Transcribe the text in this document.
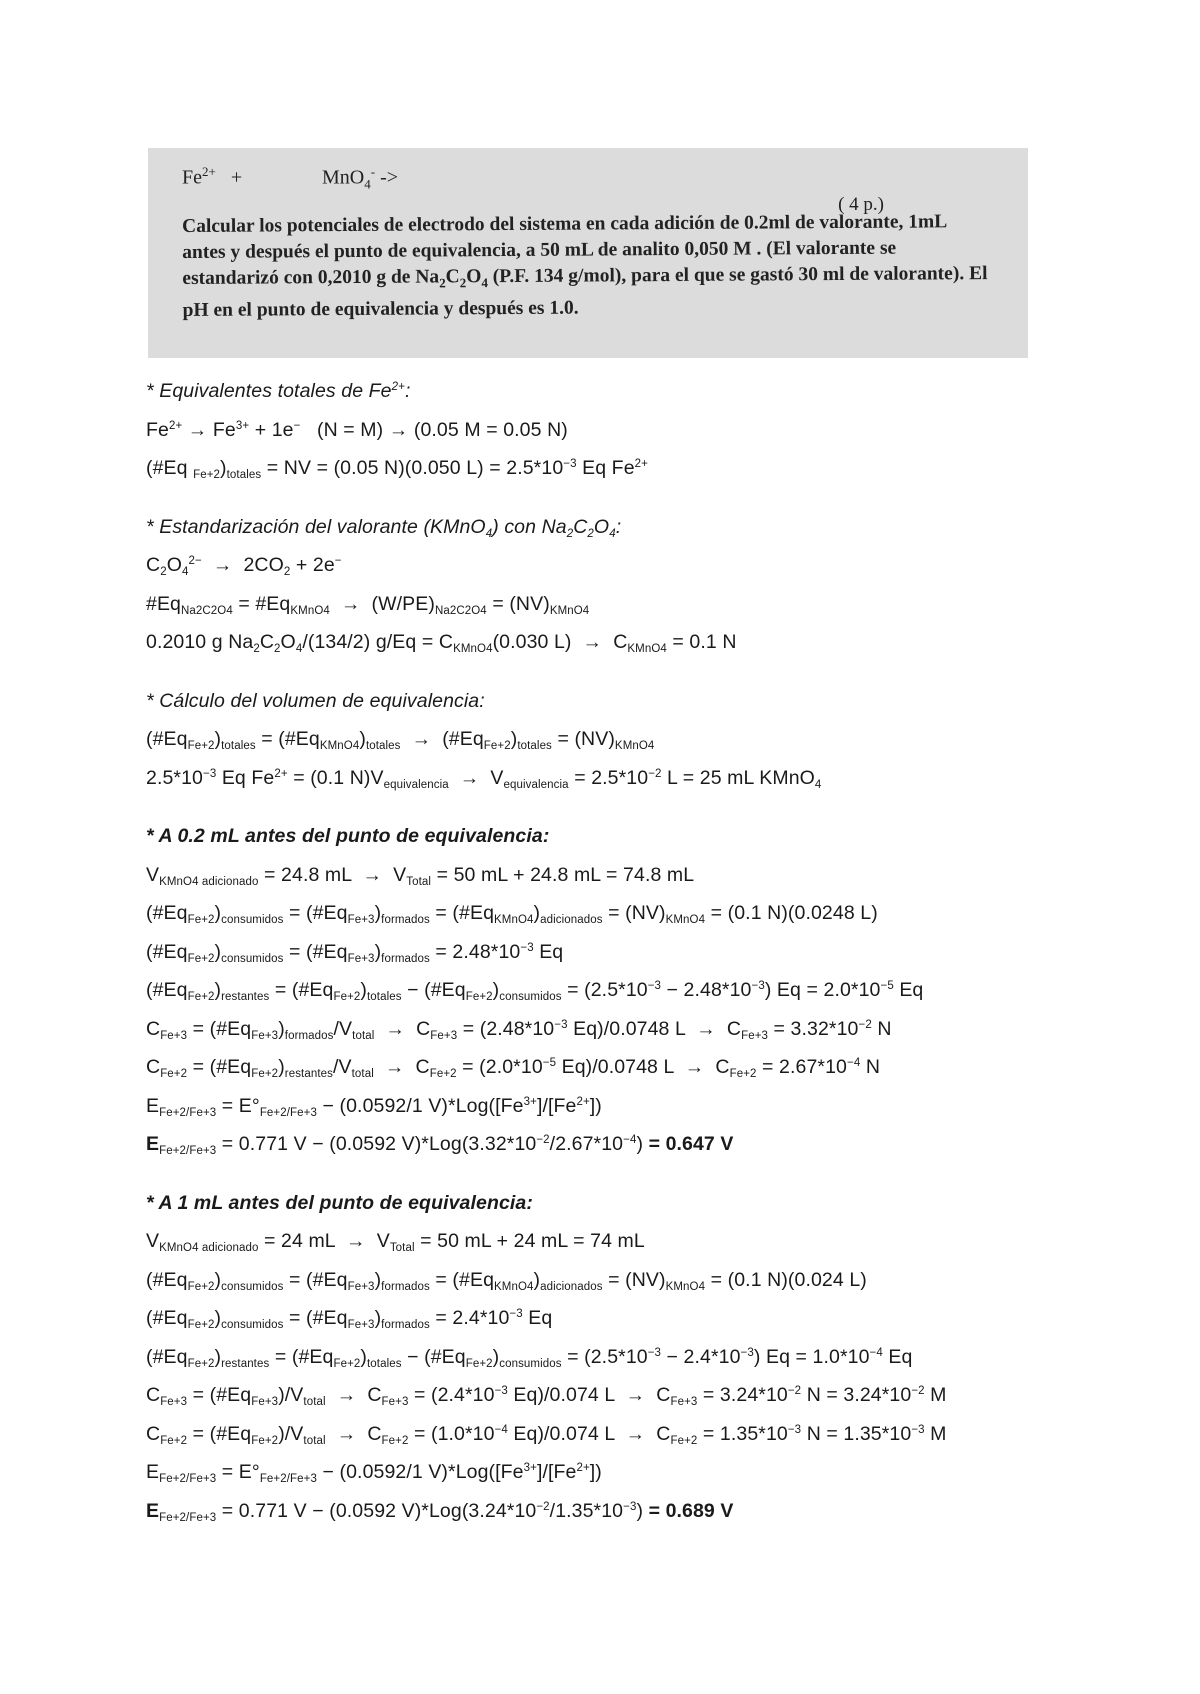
$Fe^{2+}$   +	MnO$_4$- ->
( 4 p.)
Calcular los potenciales de electrodo del sistema en cada adición de 0.2ml de valorante, 1mL antes y después el punto de equivalencia, a 50 mL de analito 0,050 M . (El valorante se estandarizó con 0,2010 g de $Na_2C_2O_4$ (P.F. 134 g/mol), para el que se gastó 30 ml de valorante). El pH en el punto de equivalencia y después es 1.0.
* Equivalentes totales de $Fe^{2+}$:
$Fe^{2+} \to Fe^{3+} + 1e^-$   (N = M) → (0.05 M = 0.05 N)
(#Eq $_{Fe+2})_{totales}$ = NV = (0.05 N)(0.050 $L) = 2.5*10^{-3}$ Eq $Fe^{2+}$
* Estandarización del valorante (KMnO$_4$) con $Na_2C_2O_4$:
$C_2O_4^{2-} \to 2CO_2 + 2e^-$
$\#Eq_{Na2C2O4}$ = $\#Eq_{KMnO4} \to (W/PE)_{Na2C2O4} = (NV)_{KMnO4}$
0.2010 g $Na_2C_2O_4/(134/2) g/Eq = C_{KMnO4}(0.030$ $L) \to C_{KMnO4} = 0.1$ N
* Cálculo del volumen de equivalencia:
$(\#Eq_{Fe+2})_{totales}$ = $(\#Eq_{KMnO4})_{totales}$  →  $(\#Eq_{Fe+2})_{totales} = (NV)_{KMnO4}$
$2.5*10^{-3}$ Eq $Fe^{2+} = (0.1$ $N)V_{equivalencia} \to V_{equivalencia} = 2.5*10^{-2}$ L = 25 mL KMnO$_4$
* A 0.2 mL antes del punto de equivalencia:
$V_{KMnO4 adicionado} = 24.8$ mL  →  $V_{Total} = 50$ mL + 24.8 mL = 74.8 mL
$(\#Eq_{Fe+2})_{consumidos}$ = $(\#Eq_{Fe+3})_{formados}$ = $(\#Eq_{KMnO4})_{adicionados} = (NV)_{KMnO4} = (0.1$ N)(0.0248 L)
$(\#Eq_{Fe+2})_{consumidos}$ = $(\#Eq_{Fe+3})_{formados} = 2.48*10^{-3}$ Eq
$(\#Eq_{Fe+2})_{restantes}$ = $(\#Eq_{Fe+2})_{totales}$ − $(\#Eq_{Fe+2})_{consumidos} = (2.5*10^{-3} - 2.48*10^{-3}) Eq = 2.0*10^{-5}$ Eq
$C_{Fe+3}$ = $(\#Eq_{Fe+3})_{formados}/V_{total} \to C_{Fe+3} = (2.48*10^{-3}$ Eq)/0.0748 $L \to C_{Fe+3} = 3.32*10^{-2}$ N
$C_{Fe+2}$ = $(\#Eq_{Fe+2})_{restantes}/V_{total} \to C_{Fe+2} = (2.0*10^{-5}$ Eq)/0.0748 $L \to C_{Fe+2} = 2.67*10^{-4}$ N
$E_{Fe+2/Fe+3} = E^\circ_{Fe+2/Fe+3} - (0.0592/1$ $V)*Log([Fe^{3+}]/[Fe^{2+}])$
$E_{Fe+2/Fe+3} = 0.771$ V − (0.0592 $V)*Log(3.32*10^{-2}/2.67*10^{-4}) = 0.647$ V
* A 1 mL antes del punto de equivalencia:
$V_{KMnO4 adicionado} = 24$ mL  →  $V_{Total} = 50$ mL + 24 mL = 74 mL
$(\#Eq_{Fe+2})_{consumidos}$ = $(\#Eq_{Fe+3})_{formados}$ = $(\#Eq_{KMnO4})_{adicionados} = (NV)_{KMnO4} = (0.1$ N)(0.024 L)
$(\#Eq_{Fe+2})_{consumidos}$ = $(\#Eq_{Fe+3})_{formados} = 2.4*10^{-3}$ Eq
$(\#Eq_{Fe+2})_{restantes}$ = $(\#Eq_{Fe+2})_{totales}$ − $(\#Eq_{Fe+2})_{consumidos} = (2.5*10^{-3} - 2.4*10^{-3}) Eq = 1.0*10^{-4}$ Eq
$C_{Fe+3}$ = $(\#Eq_{Fe+3})/V_{total} \to C_{Fe+3} = (2.4*10^{-3}$ Eq)/0.074 $L \to C_{Fe+3} = 3.24*10^{-2}$ $N = 3.24*10^{-2}$ M
$C_{Fe+2}$ = $(\#Eq_{Fe+2})/V_{total} \to C_{Fe+2} = (1.0*10^{-4}$ Eq)/0.074 $L \to C_{Fe+2} = 1.35*10^{-3}$ $N = 1.35*10^{-3}$ M
$E_{Fe+2/Fe+3} = E^\circ_{Fe+2/Fe+3} - (0.0592/1$ $V)*Log([Fe^{3+}]/[Fe^{2+}])$
$E_{Fe+2/Fe+3} = 0.771$ V − (0.0592 $V)*Log(3.24*10^{-2}/1.35*10^{-3}) = 0.689$ V
